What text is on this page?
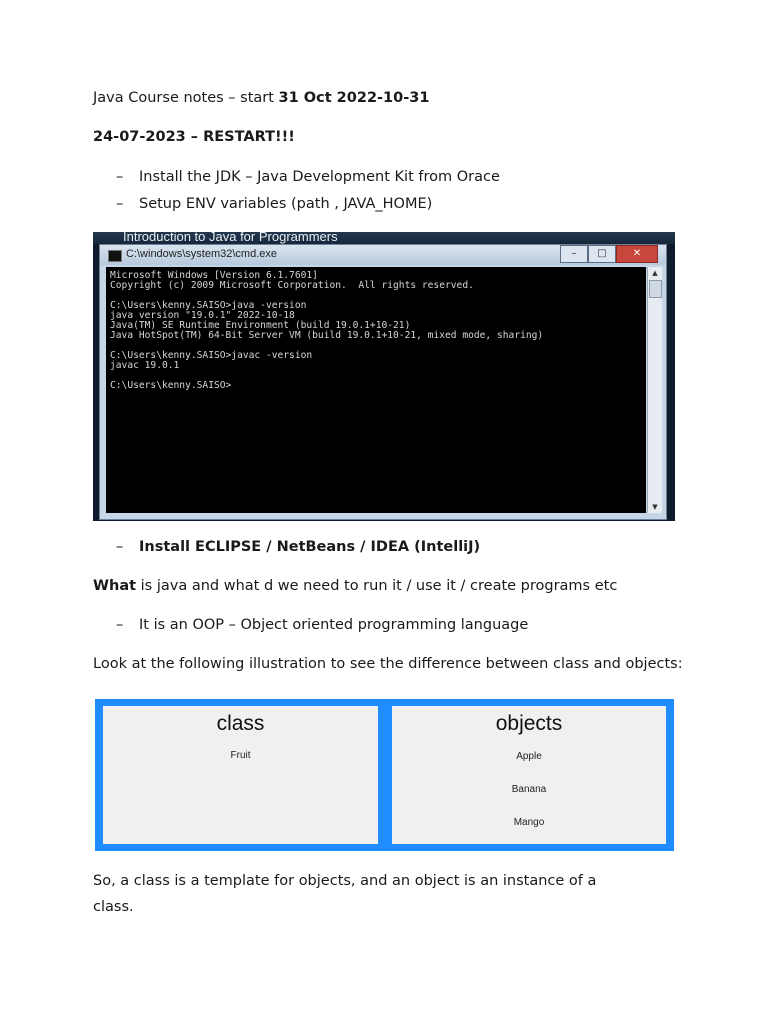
Java Course notes – start 31 Oct 2022-10-31
24-07-2023 – RESTART!!!
– Install the JDK – Java Development Kit from Orace
– Setup ENV variables (path , JAVA_HOME)
Introduction to Java for Programmers
C:\windows\system32\cmd.exe	–	□	✕
Microsoft Windows [Version 6.1.7601]
Copyright (c) 2009 Microsoft Corporation.  All rights reserved.
C:\Users\kenny.SAISO>java -version
java version "19.0.1" 2022-10-18
Java(TM) SE Runtime Environment (build 19.0.1+10-21)
Java HotSpot(TM) 64-Bit Server VM (build 19.0.1+10-21, mixed mode, sharing)
C:\Users\kenny.SAISO>javac -version
javac 19.0.1
C:\Users\kenny.SAISO>
▲
▼
– Install ECLIPSE / NetBeans / IDEA (IntelliJ)
What is java and what d we need to run it / use it / create programs etc
– It is an OOP – Object oriented programming language
Look at the following illustration to see the difference between class and objects:
class
Fruit
objects
Apple
Banana
Mango
So, a class is a template for objects, and an object is an instance of a
class.
